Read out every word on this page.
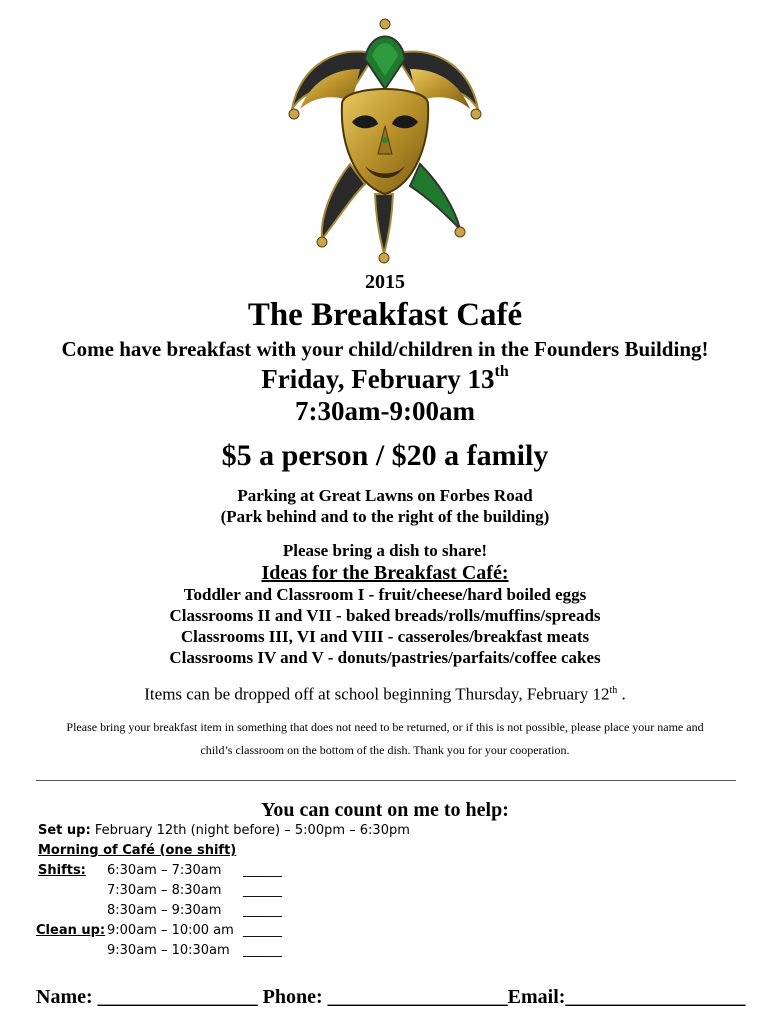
2015
The Breakfast Café
Come have breakfast with your child/children in the Founders Building!
Friday, February 13th
7:30am-9:00am
$5 a person / $20 a family
Parking at Great Lawns on Forbes Road
(Park behind and to the right of the building)
Please bring a dish to share!
Ideas for the Breakfast Café:
Toddler and Classroom I - fruit/cheese/hard boiled eggs
Classrooms II and VII - baked breads/rolls/muffins/spreads
Classrooms III, VI and VIII - casseroles/breakfast meats
Classrooms IV and V - donuts/pastries/parfaits/coffee cakes
Items can be dropped off at school beginning Thursday, February 12th .
Please bring your breakfast item in something that does not need to be returned, or if this is not possible, please place your name and
child’s classroom on the bottom of the dish. Thank you for your cooperation.
You can count on me to help:
Set up: February 12th (night before) – 5:00pm – 6:30pm
Morning of Café (one shift)
Shifts: 6:30am – 7:30am ______
7:30am – 8:30am ______
8:30am – 9:30am ______
Clean up: 9:00am – 10:00 am ______
9:30am – 10:30am ______
Name: ________________ Phone: __________________Email:__________________
